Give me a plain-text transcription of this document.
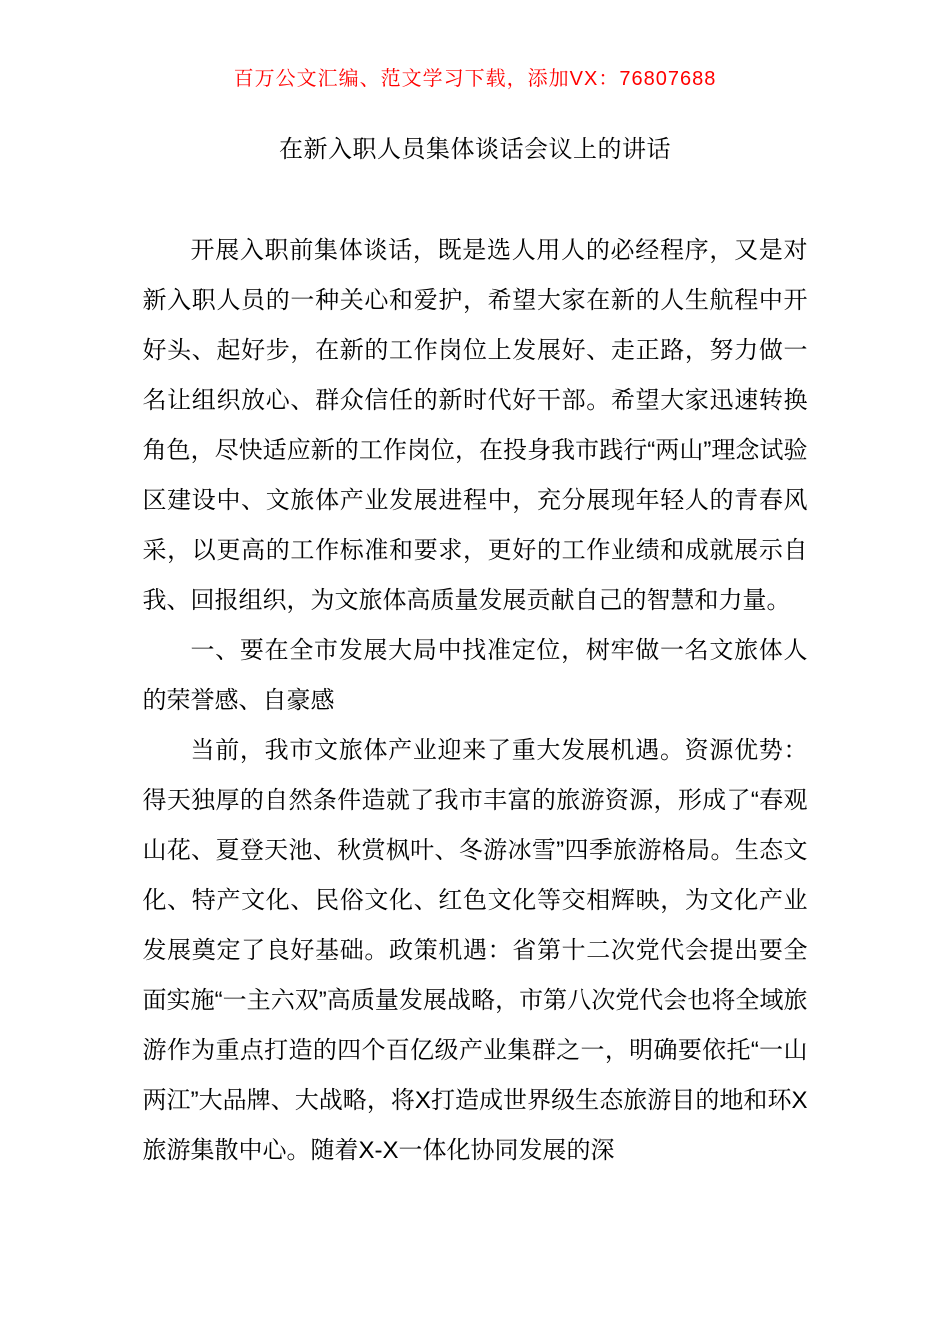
百万公文汇编、范文学习下载，添加VX：76807688
在新入职人员集体谈话会议上的讲话

开展入职前集体谈话，既是选人用人的必经程序，又是对新入职人员的一种关心和爱护，希望大家在新的人生航程中开好头、起好步，在新的工作岗位上发展好、走正路，努力做一名让组织放心、群众信任的新时代好干部。希望大家迅速转换角色，尽快适应新的工作岗位，在投身我市践行“两山”理念试验区建设中、文旅体产业发展进程中，充分展现年轻人的青春风采，以更高的工作标准和要求，更好的工作业绩和成就展示自我、回报组织，为文旅体高质量发展贡献自己的智慧和力量。

一、要在全市发展大局中找准定位，树牢做一名文旅体人的荣誉感、自豪感

当前，我市文旅体产业迎来了重大发展机遇。资源优势：得天独厚的自然条件造就了我市丰富的旅游资源，形成了“春观山花、夏登天池、秋赏枫叶、冬游冰雪”四季旅游格局。生态文化、特产文化、民俗文化、红色文化等交相辉映，为文化产业发展奠定了良好基础。政策机遇：省第十二次党代会提出要全面实施“一主六双”高质量发展战略，市第八次党代会也将全域旅游作为重点打造的四个百亿级产业集群之一，明确要依托“一山两江”大品牌、大战略，将X打造成世界级生态旅游目的地和环X旅游集散中心。随着X-X一体化协同发展的深
